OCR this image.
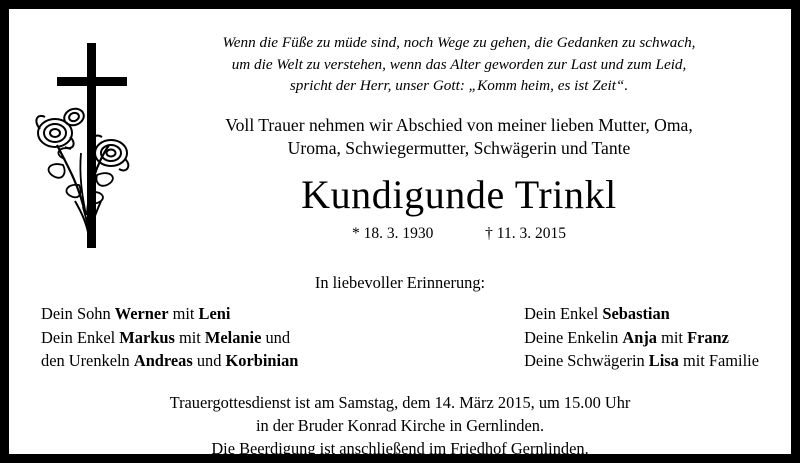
Wenn die Füße zu müde sind, noch Wege zu gehen, die Gedanken zu schwach,
um die Welt zu verstehen, wenn das Alter geworden zur Last und zum Leid,
spricht der Herr, unser Gott: „Komm heim, es ist Zeit“.
Voll Trauer nehmen wir Abschied von meiner lieben Mutter, Oma,
Uroma, Schwiegermutter, Schwägerin und Tante
Kundigunde Trinkl
* 18. 3. 1930	† 11. 3. 2015
In liebevoller Erinnerung:
Dein Sohn Werner mit Leni
Dein Enkel Markus mit Melanie und
den Urenkeln Andreas und Korbinian
Dein Enkel Sebastian
Deine Enkelin Anja mit Franz
Deine Schwägerin Lisa mit Familie
Trauergottesdienst ist am Samstag, dem 14. März 2015, um 15.00 Uhr
in der Bruder Konrad Kirche in Gernlinden.
Die Beerdigung ist anschließend im Friedhof Gernlinden.
